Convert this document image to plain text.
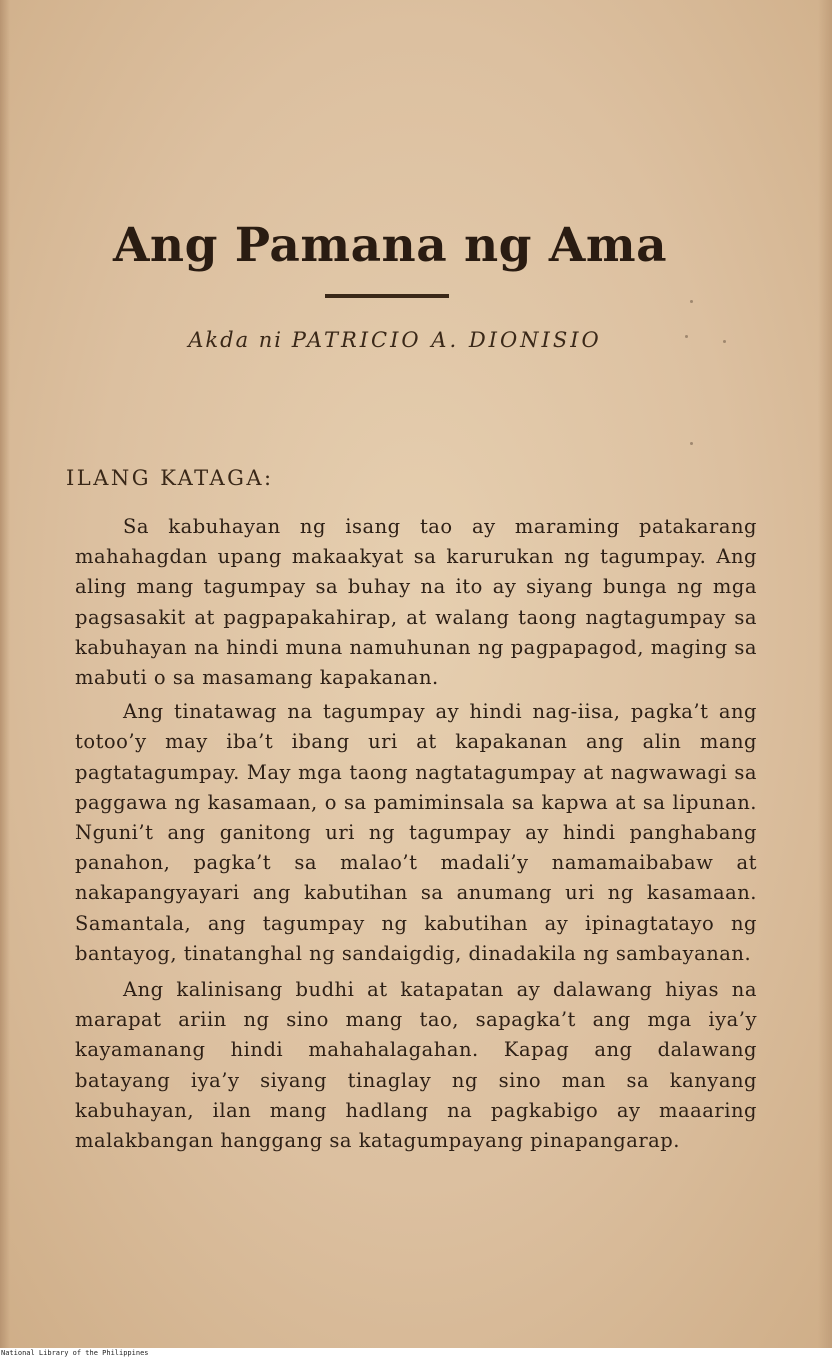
Ang Pamana ng Ama
Akda ni PATRICIO A. DIONISIO
ILANG KATAGA:

Sa kabuhayan ng isang tao ay maraming patakarang mahahagdan upang makaakyat sa karurukan ng tagumpay. Ang aling mang tagumpay sa buhay na ito ay siyang bunga ng mga pagsasakit at pagpapakahirap, at walang taong nagtagumpay sa kabuhayan na hindi muna namuhunan ng pagpapagod, maging sa mabuti o sa masamang kapakanan.

Ang tinatawag na tagumpay ay hindi nag-iisa, pagka’t ang totoo’y may iba’t ibang uri at kapakanan ang alin mang pagtatagumpay. May mga taong nagtatagumpay at nagwawagi sa paggawa ng kasamaan, o sa pamiminsala sa kapwa at sa lipunan. Nguni’t ang ganitong uri ng tagumpay ay hindi panghabang panahon, pagka’t sa malao’t madali’y namamaibabaw at nakapangyayari ang kabutihan sa anumang uri ng kasamaan. Samantala, ang tagumpay ng kabutihan ay ipinagtatayo ng bantayog, tinatanghal ng sandaigdig, dinadakila ng sambayanan.

Ang kalinisang budhi at katapatan ay dalawang hiyas na marapat ariin ng sino mang tao, sapagka’t ang mga iya’y kayamanang hindi mahahalagahan. Kapag ang dalawang batayang iya’y siyang tinaglay ng sino man sa kanyang kabuhayan, ilan mang hadlang na pagkabigo ay maaaring malakbangan hanggang sa katagumpayang pinapangarap.

National Library of the Philippines
